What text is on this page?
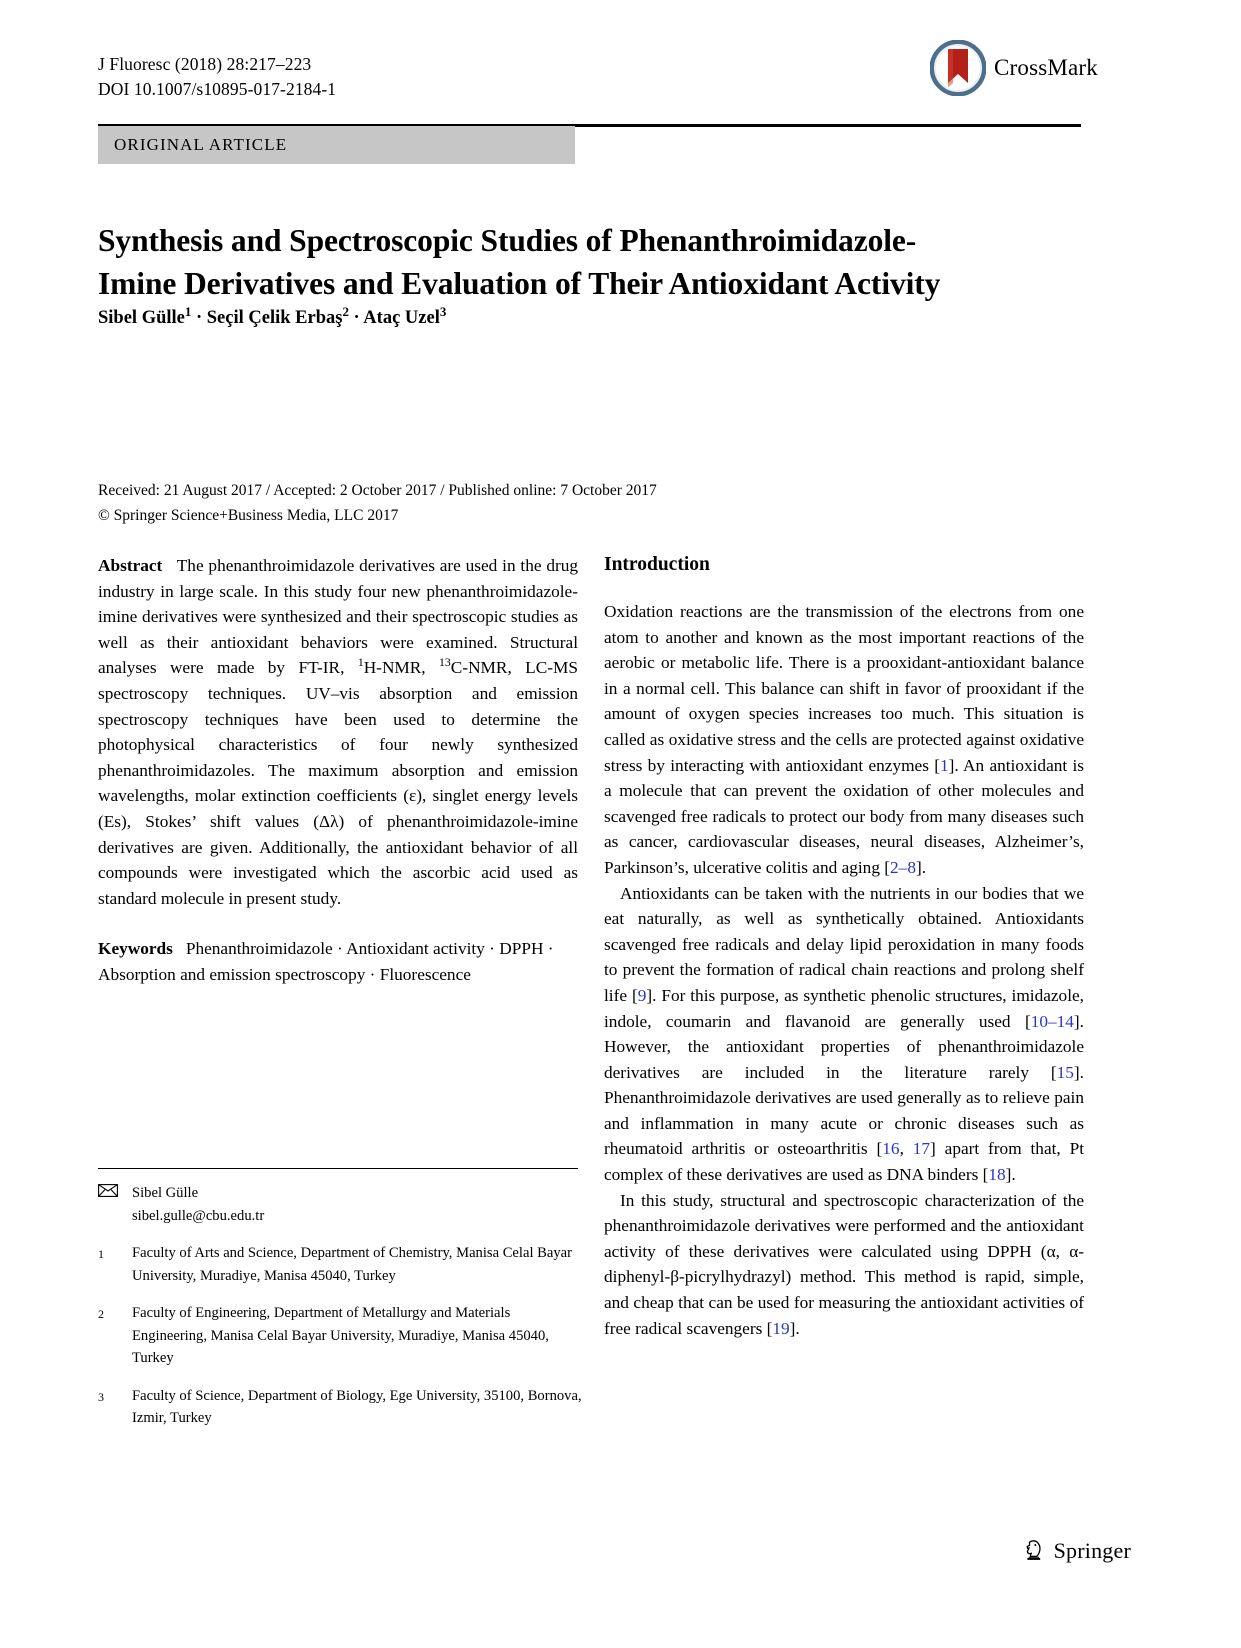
J Fluoresc (2018) 28:217–223
DOI 10.1007/s10895-017-2184-1
CrossMark
ORIGINAL ARTICLE
Synthesis and Spectroscopic Studies of Phenanthroimidazole-Imine Derivatives and Evaluation of Their Antioxidant Activity
Sibel Gülle$^1$ · Seçil Çelik Erbaş$^2$ · Ataç Uzel$^3$
Received: 21 August 2017 / Accepted: 2 October 2017 / Published online: 7 October 2017
© Springer Science+Business Media, LLC 2017

Abstract The phenanthroimidazole derivatives are used in the drug industry in large scale. In this study four new phenanthroimidazole-imine derivatives were synthesized and their spectroscopic studies as well as their antioxidant behaviors were examined. Structural analyses were made by FT-IR, $^1$H-NMR, $^{13}$C-NMR, LC-MS spectroscopy techniques. UV–vis absorption and emission spectroscopy techniques have been used to determine the photophysical characteristics of four newly synthesized phenanthroimidazoles. The maximum absorption and emission wavelengths, molar extinction coefficients (ε), singlet energy levels (Es), Stokes’ shift values (Δλ) of phenanthroimidazole-imine derivatives are given. Additionally, the antioxidant behavior of all compounds were investigated which the ascorbic acid used as standard molecule in present study.

Keywords Phenanthroimidazole · Antioxidant activity · DPPH · Absorption and emission spectroscopy · Fluorescence
Introduction

Oxidation reactions are the transmission of the electrons from one atom to another and known as the most important reactions of the aerobic or metabolic life. There is a prooxidant-antioxidant balance in a normal cell. This balance can shift in favor of prooxidant if the amount of oxygen species increases too much. This situation is called as oxidative stress and the cells are protected against oxidative stress by interacting with antioxidant enzymes [1]. An antioxidant is a molecule that can prevent the oxidation of other molecules and scavenged free radicals to protect our body from many diseases such as cancer, cardiovascular diseases, neural diseases, Alzheimer’s, Parkinson’s, ulcerative colitis and aging [2–8].

Antioxidants can be taken with the nutrients in our bodies that we eat naturally, as well as synthetically obtained. Antioxidants scavenged free radicals and delay lipid peroxidation in many foods to prevent the formation of radical chain reactions and prolong shelf life [9]. For this purpose, as synthetic phenolic structures, imidazole, indole, coumarin and flavanoid are generally used [10–14]. However, the antioxidant properties of phenanthroimidazole derivatives are included in the literature rarely [15]. Phenanthroimidazole derivatives are used generally as to relieve pain and inflammation in many acute or chronic diseases such as rheumatoid arthritis or osteoarthritis [16, 17] apart from that, Pt complex of these derivatives are used as DNA binders [18].

In this study, structural and spectroscopic characterization of the phenanthroimidazole derivatives were performed and the antioxidant activity of these derivatives were calculated using DPPH (α, α-diphenyl-β-picrylhydrazyl) method. This method is rapid, simple, and cheap that can be used for measuring the antioxidant activities of free radical scavengers [19].

Sibel Gülle
sibel.gulle@cbu.edu.tr
1	Faculty of Arts and Science, Department of Chemistry, Manisa Celal Bayar University, Muradiye, Manisa 45040, Turkey
2	Faculty of Engineering, Department of Metallurgy and Materials Engineering, Manisa Celal Bayar University, Muradiye, Manisa 45040, Turkey
3	Faculty of Science, Department of Biology, Ege University, 35100, Bornova, Izmir, Turkey
Springer
